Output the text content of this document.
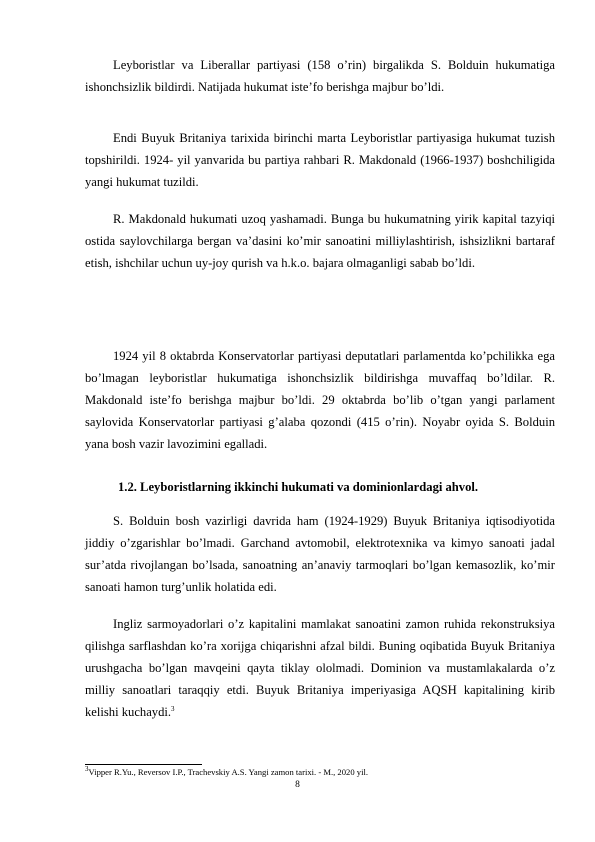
Leyboristlar va Liberallar partiyasi (158 o’rin) birgalikda S. Bolduin hukumatiga ishonchsizlik bildirdi. Natijada hukumat iste’fo berishga majbur bo’ldi.

Endi Buyuk Britaniya tarixida birinchi marta Leyboristlar partiyasiga hukumat tuzish topshirildi. 1924- yil yanvarida bu partiya rahbari R. Makdonald (1966-1937) boshchiligida yangi hukumat tuzildi.

R. Makdonald hukumati uzoq yashamadi. Bunga bu hukumatning yirik kapital tazyiqi ostida saylovchilarga bergan va’dasini ko’mir sanoatini milliylashtirish, ishsizlikni bartaraf etish, ishchilar uchun uy-joy qurish va h.k.o. bajara olmaganligi sabab bo’ldi.

1924 yil 8 oktabrda Konservatorlar partiyasi deputatlari parlamentda ko’pchilikka ega bo’lmagan leyboristlar hukumatiga ishonchsizlik bildirishga muvaffaq bo’ldilar. R. Makdonald iste’fo berishga majbur bo’ldi. 29 oktabrda bo’lib o’tgan yangi parlament saylovida Konservatorlar partiyasi g’alaba qozondi (415 o’rin). Noyabr oyida S. Bolduin yana bosh vazir lavozimini egalladi.

1.2. Leyboristlarning ikkinchi hukumati va dominionlardagi ahvol.

S. Bolduin bosh vazirligi davrida ham (1924-1929) Buyuk Britaniya iqtisodiyotida jiddiy o’zgarishlar bo’lmadi. Garchand avtomobil, elektrotexnika va kimyo sanoati jadal sur’atda rivojlangan bo’lsada, sanoatning an’anaviy tarmoqlari bo’lgan kemasozlik, ko’mir sanoati hamon turg’unlik holatida edi.

Ingliz sarmoyadorlari o’z kapitalini mamlakat sanoatini zamon ruhida rekonstruksiya qilishga sarflashdan ko’ra xorijga chiqarishni afzal bildi. Buning oqibatida Buyuk Britaniya urushgacha bo’lgan mavqeini qayta tiklay ololmadi. Dominion va mustamlakalarda o’z milliy sanoatlari taraqqiy etdi. Buyuk Britaniya imperiyasiga AQSH kapitalining kirib kelishi kuchaydi.$^3$

$^3$Vipper R.Yu., Reversov I.P., Trachevskiy A.S. Yangi zamon tarixi. - M., 2020 yil.
8
